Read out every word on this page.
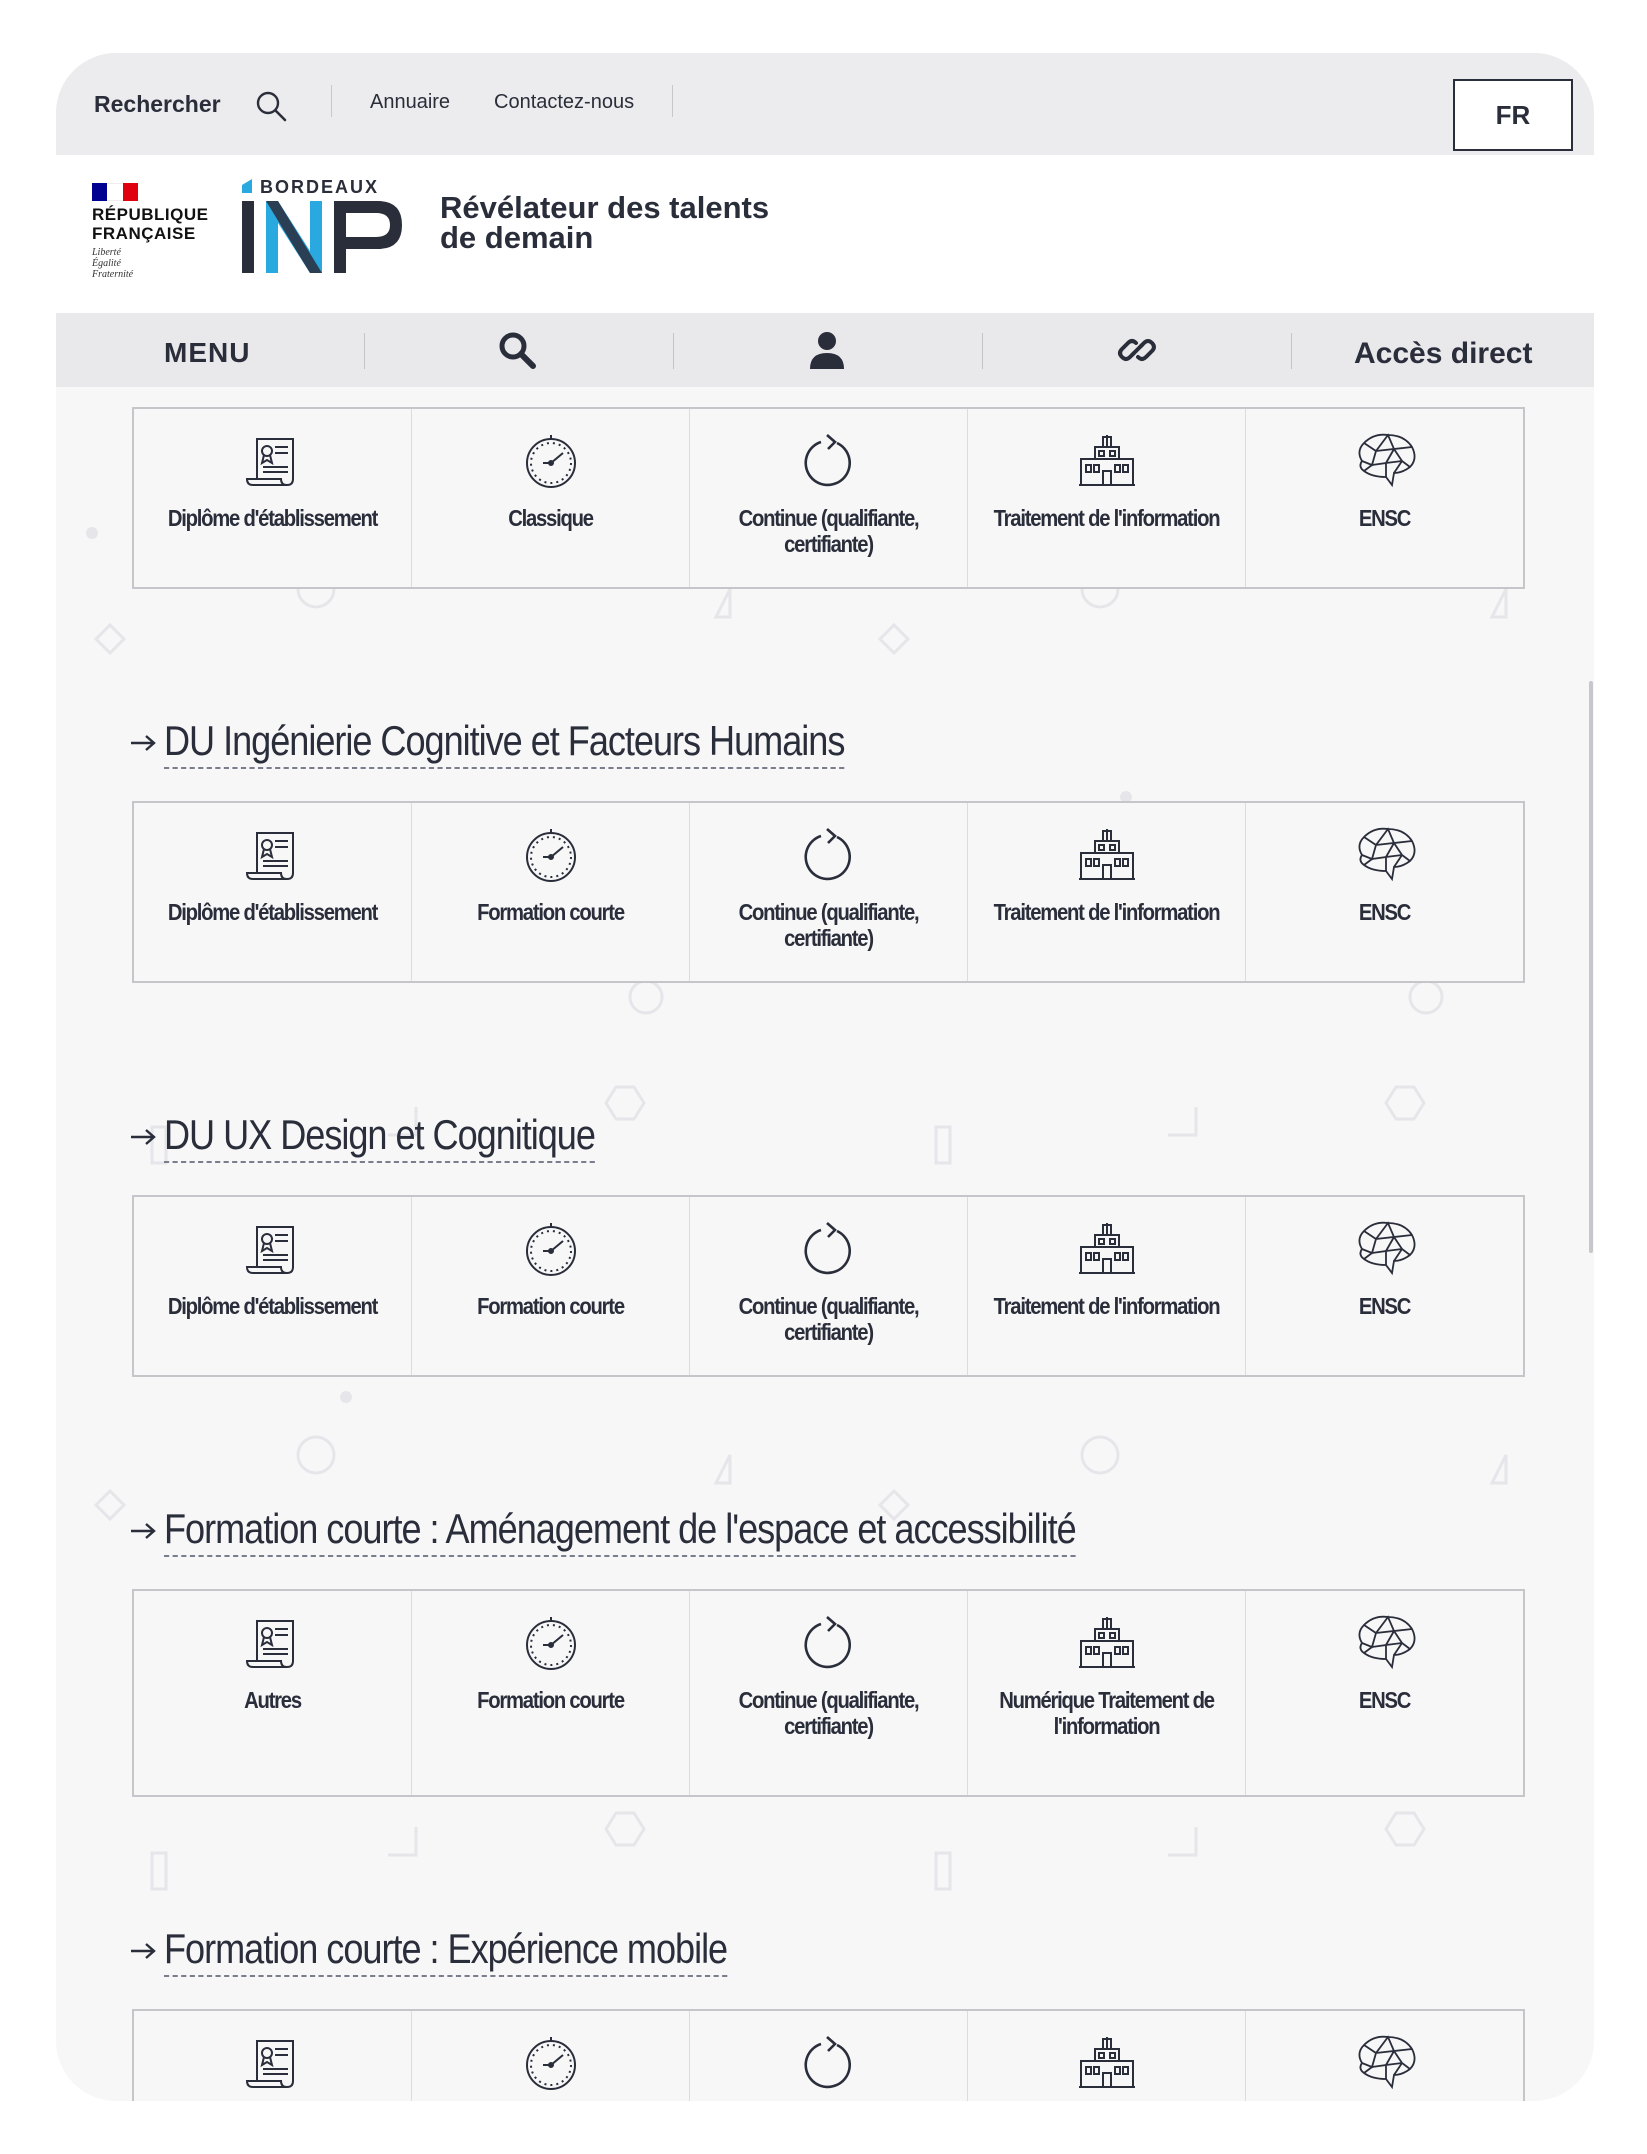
Rechercher	Annuaire Contactez-nous	FR
RÉPUBLIQUE
FRANÇAISE
Liberté
Égalité
Fraternité
BORDEAUX
Révélateur des talents
de demain
MENU	Accès direct
Diplôme d'établissement	Classique	Continue (qualifiante, certifiante)
Traitement de l'information	ENSC
DU Ingénierie Cognitive et Facteurs Humains
Diplôme d'établissement	Formation courte	Continue (qualifiante, certifiante)
Traitement de l'information	ENSC
DU UX Design et Cognitique
Diplôme d'établissement	Formation courte	Continue (qualifiante, certifiante)
Traitement de l'information	ENSC
Formation courte : Aménagement de l'espace et accessibilité
Autres	Formation courte	Continue (qualifiante, certifiante)
Numérique Traitement de l'information
ENSC
Formation courte : Expérience mobile
